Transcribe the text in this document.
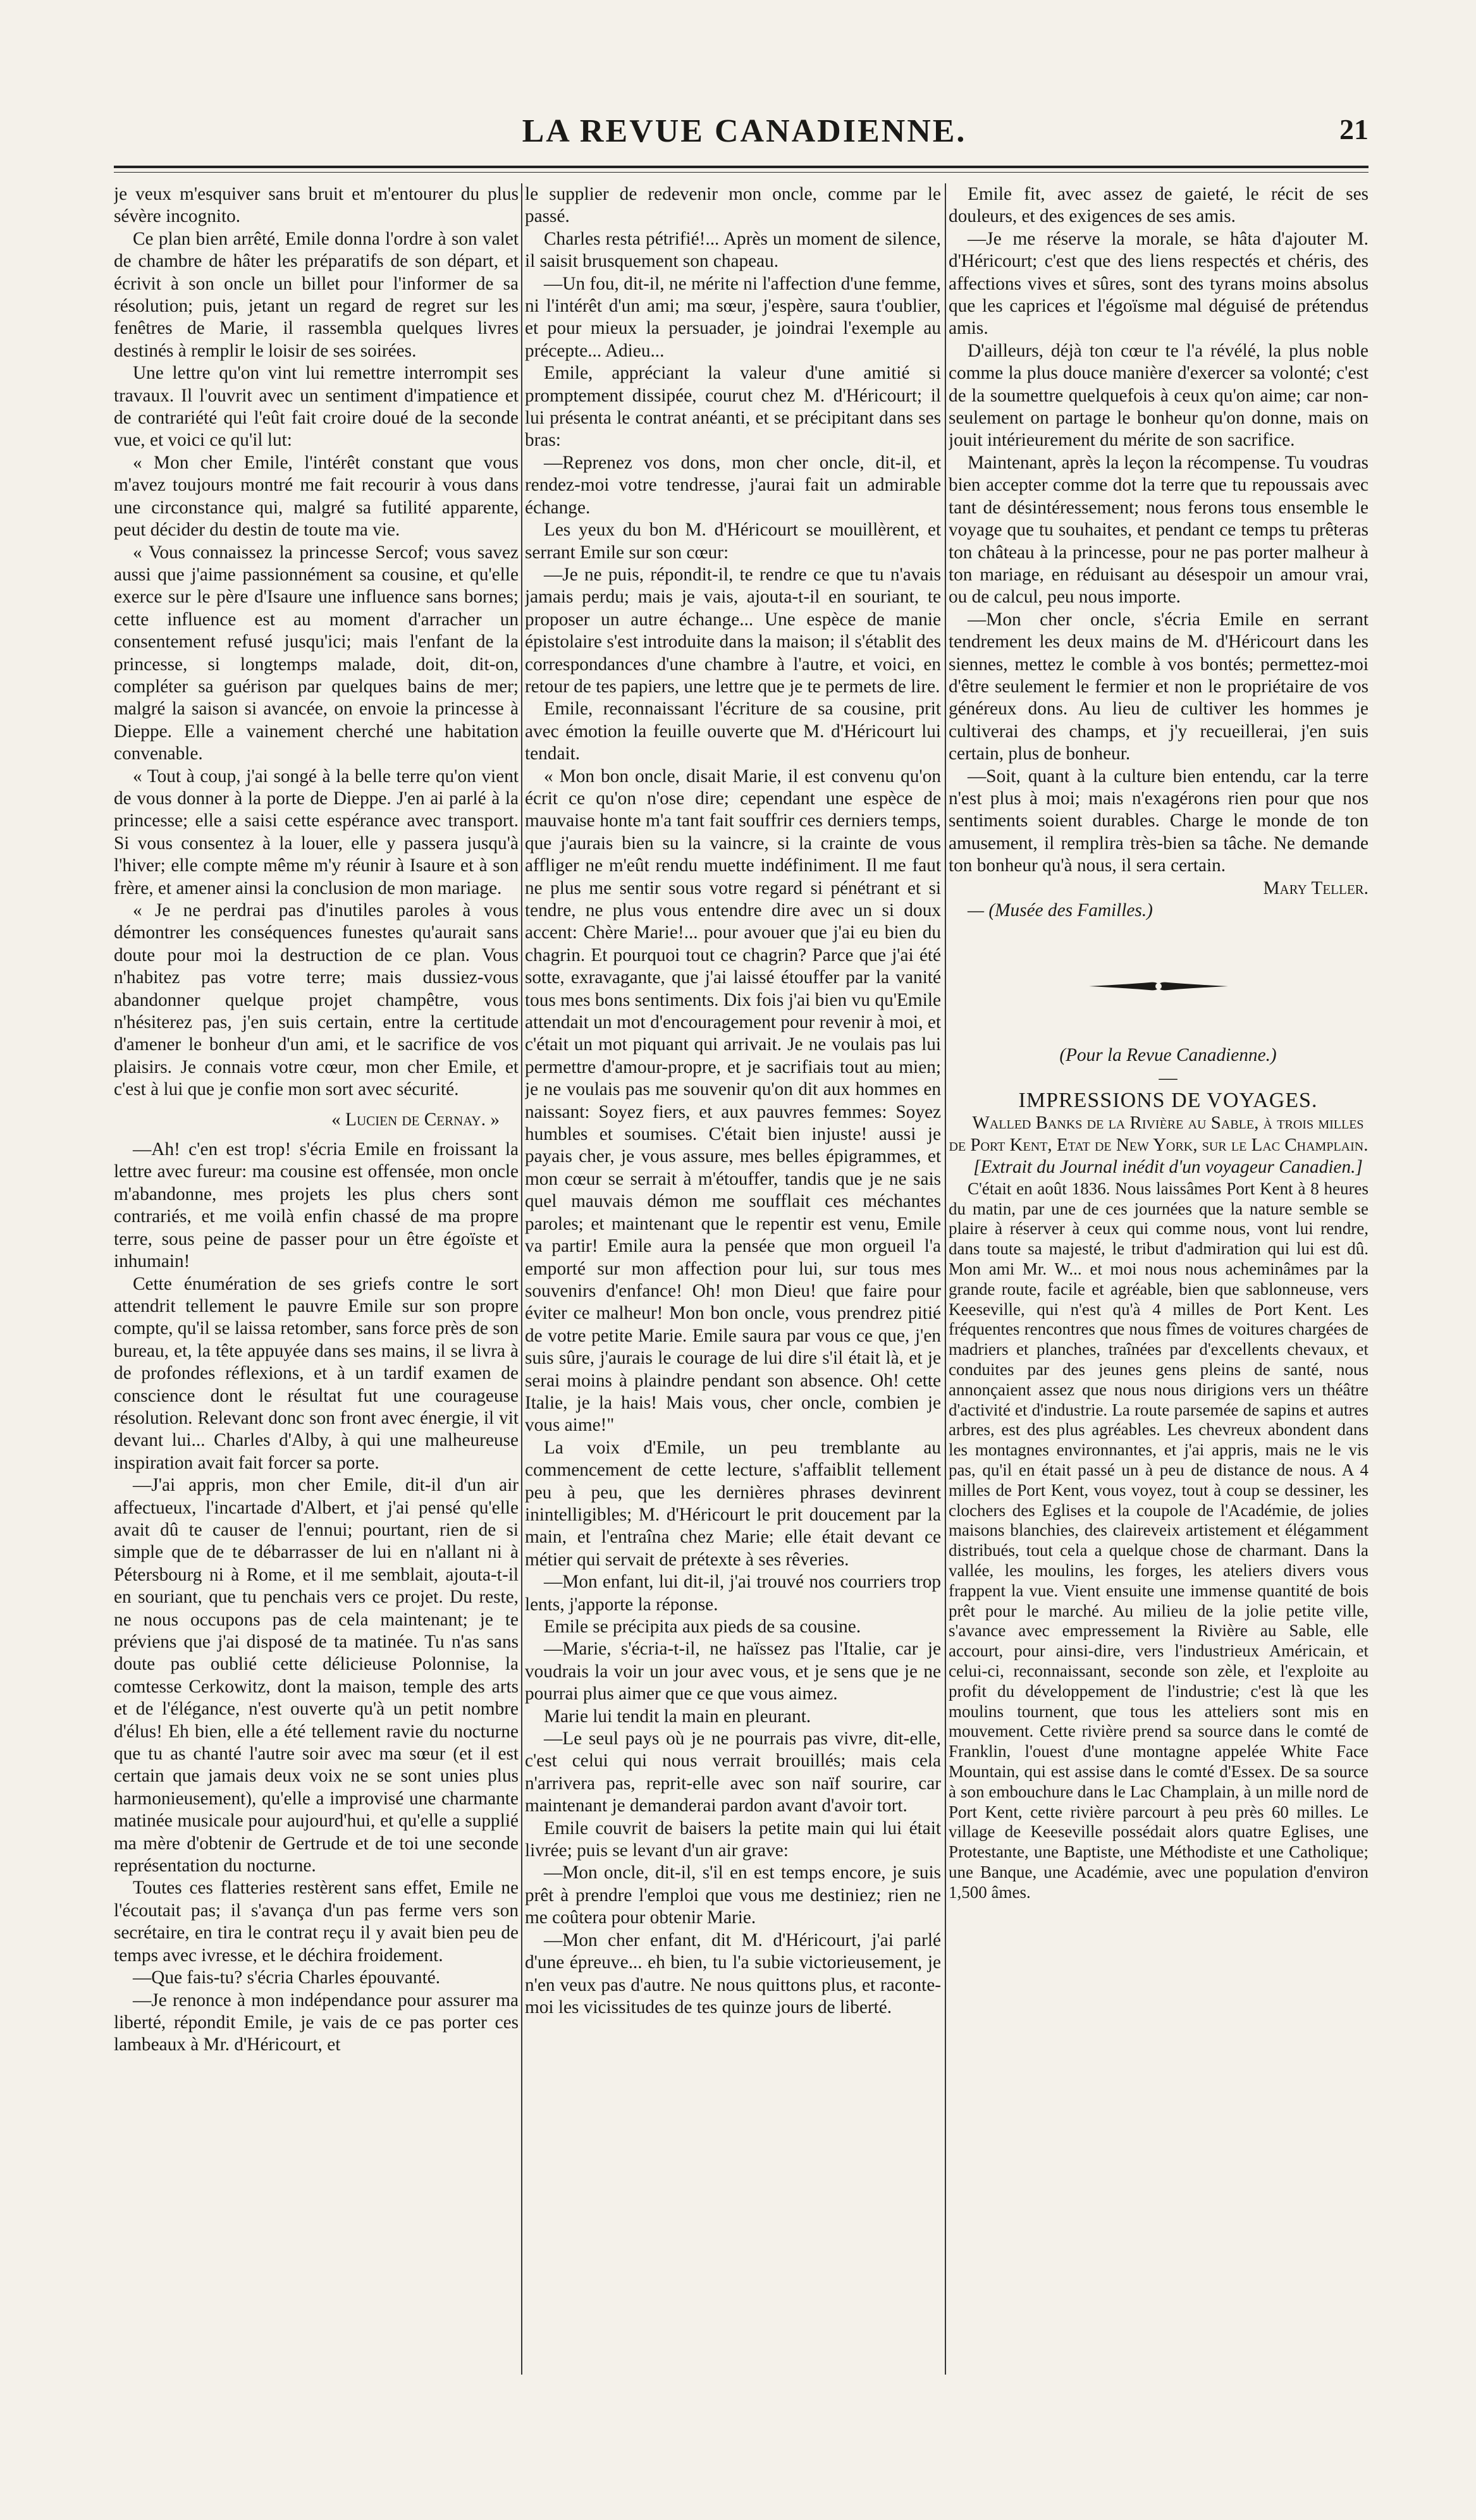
LA REVUE CANADIENNE.	21

je veux m'esquiver sans bruit et m'entourer du plus sévère incognito.

Ce plan bien arrêté, Emile donna l'ordre à son valet de chambre de hâter les préparatifs de son départ, et écrivit à son oncle un billet pour l'informer de sa résolution; puis, jetant un regard de regret sur les fenêtres de Marie, il rassembla quelques livres destinés à remplir le loisir de ses soirées.

Une lettre qu'on vint lui remettre interrompit ses travaux. Il l'ouvrit avec un sentiment d'impatience et de contrariété qui l'eût fait croire doué de la seconde vue, et voici ce qu'il lut:

« Mon cher Emile, l'intérêt constant que vous m'avez toujours montré me fait recourir à vous dans une circonstance qui, malgré sa futilité apparente, peut décider du destin de toute ma vie.

« Vous connaissez la princesse Sercof; vous savez aussi que j'aime passionnément sa cousine, et qu'elle exerce sur le père d'Isaure une influence sans bornes; cette influence est au moment d'arracher un consentement refusé jusqu'ici; mais l'enfant de la princesse, si longtemps malade, doit, dit-on, compléter sa guérison par quelques bains de mer; malgré la saison si avancée, on envoie la princesse à Dieppe. Elle a vainement cherché une habitation convenable.

« Tout à coup, j'ai songé à la belle terre qu'on vient de vous donner à la porte de Dieppe. J'en ai parlé à la princesse; elle a saisi cette espérance avec transport. Si vous consentez à la louer, elle y passera jusqu'à l'hiver; elle compte même m'y réunir à Isaure et à son frère, et amener ainsi la conclusion de mon mariage.

« Je ne perdrai pas d'inutiles paroles à vous démontrer les conséquences funestes qu'aurait sans doute pour moi la destruction de ce plan. Vous n'habitez pas votre terre; mais dussiez-vous abandonner quelque projet champêtre, vous n'hésiterez pas, j'en suis certain, entre la certitude d'amener le bonheur d'un ami, et le sacrifice de vos plaisirs. Je connais votre cœur, mon cher Emile, et c'est à lui que je confie mon sort avec sécurité.

« Lucien de Cernay. »

—Ah! c'en est trop! s'écria Emile en froissant la lettre avec fureur: ma cousine est offensée, mon oncle m'abandonne, mes projets les plus chers sont contrariés, et me voilà enfin chassé de ma propre terre, sous peine de passer pour un être égoïste et inhumain!

Cette énumération de ses griefs contre le sort attendrit tellement le pauvre Emile sur son propre compte, qu'il se laissa retomber, sans force près de son bureau, et, la tête appuyée dans ses mains, il se livra à de profondes réflexions, et à un tardif examen de conscience dont le résultat fut une courageuse résolution. Relevant donc son front avec énergie, il vit devant lui... Charles d'Alby, à qui une malheureuse inspiration avait fait forcer sa porte.

—J'ai appris, mon cher Emile, dit-il d'un air affectueux, l'incartade d'Albert, et j'ai pensé qu'elle avait dû te causer de l'ennui; pourtant, rien de si simple que de te débarrasser de lui en n'allant ni à Pétersbourg ni à Rome, et il me semblait, ajouta-t-il en souriant, que tu penchais vers ce projet. Du reste, ne nous occupons pas de cela maintenant; je te préviens que j'ai disposé de ta matinée. Tu n'as sans doute pas oublié cette délicieuse Polonnise, la comtesse Cerkowitz, dont la maison, temple des arts et de l'élégance, n'est ouverte qu'à un petit nombre d'élus! Eh bien, elle a été tellement ravie du nocturne que tu as chanté l'autre soir avec ma sœur (et il est certain que jamais deux voix ne se sont unies plus harmonieusement), qu'elle a improvisé une charmante matinée musicale pour aujourd'hui, et qu'elle a supplié ma mère d'obtenir de Gertrude et de toi une seconde représentation du nocturne.

Toutes ces flatteries restèrent sans effet, Emile ne l'écoutait pas; il s'avança d'un pas ferme vers son secrétaire, en tira le contrat reçu il y avait bien peu de temps avec ivresse, et le déchira froidement.

—Que fais-tu? s'écria Charles épouvanté.

—Je renonce à mon indépendance pour assurer ma liberté, répondit Emile, je vais de ce pas porter ces lambeaux à Mr. d'Héricourt, et

le supplier de redevenir mon oncle, comme par le passé.

Charles resta pétrifié!... Après un moment de silence, il saisit brusquement son chapeau.

—Un fou, dit-il, ne mérite ni l'affection d'une femme, ni l'intérêt d'un ami; ma sœur, j'espère, saura t'oublier, et pour mieux la persuader, je joindrai l'exemple au précepte... Adieu...

Emile, appréciant la valeur d'une amitié si promptement dissipée, courut chez M. d'Héricourt; il lui présenta le contrat anéanti, et se précipitant dans ses bras:

—Reprenez vos dons, mon cher oncle, dit-il, et rendez-moi votre tendresse, j'aurai fait un admirable échange.

Les yeux du bon M. d'Héricourt se mouillèrent, et serrant Emile sur son cœur:

—Je ne puis, répondit-il, te rendre ce que tu n'avais jamais perdu; mais je vais, ajouta-t-il en souriant, te proposer un autre échange... Une espèce de manie épistolaire s'est introduite dans la maison; il s'établit des correspondances d'une chambre à l'autre, et voici, en retour de tes papiers, une lettre que je te permets de lire.

Emile, reconnaissant l'écriture de sa cousine, prit avec émotion la feuille ouverte que M. d'Héricourt lui tendait.

« Mon bon oncle, disait Marie, il est convenu qu'on écrit ce qu'on n'ose dire; cependant une espèce de mauvaise honte m'a tant fait souffrir ces derniers temps, que j'aurais bien su la vaincre, si la crainte de vous affliger ne m'eût rendu muette indéfiniment. Il me faut ne plus me sentir sous votre regard si pénétrant et si tendre, ne plus vous entendre dire avec un si doux accent: Chère Marie!... pour avouer que j'ai eu bien du chagrin. Et pourquoi tout ce chagrin? Parce que j'ai été sotte, exravagante, que j'ai laissé étouffer par la vanité tous mes bons sentiments. Dix fois j'ai bien vu qu'Emile attendait un mot d'encouragement pour revenir à moi, et c'était un mot piquant qui arrivait. Je ne voulais pas lui permettre d'amour-propre, et je sacrifiais tout au mien; je ne voulais pas me souvenir qu'on dit aux hommes en naissant: Soyez fiers, et aux pauvres femmes: Soyez humbles et soumises. C'était bien injuste! aussi je payais cher, je vous assure, mes belles épigrammes, et mon cœur se serrait à m'étouffer, tandis que je ne sais quel mauvais démon me soufflait ces méchantes paroles; et maintenant que le repentir est venu, Emile va partir! Emile aura la pensée que mon orgueil l'a emporté sur mon affection pour lui, sur tous mes souvenirs d'enfance! Oh! mon Dieu! que faire pour éviter ce malheur! Mon bon oncle, vous prendrez pitié de votre petite Marie. Emile saura par vous ce que, j'en suis sûre, j'aurais le courage de lui dire s'il était là, et je serai moins à plaindre pendant son absence. Oh! cette Italie, je la hais! Mais vous, cher oncle, combien je vous aime!"

La voix d'Emile, un peu tremblante au commencement de cette lecture, s'affaiblit tellement peu à peu, que les dernières phrases devinrent inintelligibles; M. d'Héricourt le prit doucement par la main, et l'entraîna chez Marie; elle était devant ce métier qui servait de prétexte à ses rêveries.

—Mon enfant, lui dit-il, j'ai trouvé nos courriers trop lents, j'apporte la réponse.

Emile se précipita aux pieds de sa cousine.

—Marie, s'écria-t-il, ne haïssez pas l'Italie, car je voudrais la voir un jour avec vous, et je sens que je ne pourrai plus aimer que ce que vous aimez.

Marie lui tendit la main en pleurant.

—Le seul pays où je ne pourrais pas vivre, dit-elle, c'est celui qui nous verrait brouillés; mais cela n'arrivera pas, reprit-elle avec son naïf sourire, car maintenant je demanderai pardon avant d'avoir tort.

Emile couvrit de baisers la petite main qui lui était livrée; puis se levant d'un air grave:

—Mon oncle, dit-il, s'il en est temps encore, je suis prêt à prendre l'emploi que vous me destiniez; rien ne me coûtera pour obtenir Marie.

—Mon cher enfant, dit M. d'Héricourt, j'ai parlé d'une épreuve... eh bien, tu l'a subie victorieusement, je n'en veux pas d'autre. Ne nous quittons plus, et raconte-moi les vicissitudes de tes quinze jours de liberté.

Emile fit, avec assez de gaieté, le récit de ses douleurs, et des exigences de ses amis.

—Je me réserve la morale, se hâta d'ajouter M. d'Héricourt; c'est que des liens respectés et chéris, des affections vives et sûres, sont des tyrans moins absolus que les caprices et l'égoïsme mal déguisé de prétendus amis.

D'ailleurs, déjà ton cœur te l'a révélé, la plus noble comme la plus douce manière d'exercer sa volonté; c'est de la soumettre quelquefois à ceux qu'on aime; car non-seulement on partage le bonheur qu'on donne, mais on jouit intérieurement du mérite de son sacrifice.

Maintenant, après la leçon la récompense. Tu voudras bien accepter comme dot la terre que tu repoussais avec tant de désintéressement; nous ferons tous ensemble le voyage que tu souhaites, et pendant ce temps tu prêteras ton château à la princesse, pour ne pas porter malheur à ton mariage, en réduisant au désespoir un amour vrai, ou de calcul, peu nous importe.

—Mon cher oncle, s'écria Emile en serrant tendrement les deux mains de M. d'Héricourt dans les siennes, mettez le comble à vos bontés; permettez-moi d'être seulement le fermier et non le propriétaire de vos généreux dons. Au lieu de cultiver les hommes je cultiverai des champs, et j'y recueillerai, j'en suis certain, plus de bonheur.

—Soit, quant à la culture bien entendu, car la terre n'est plus à moi; mais n'exagérons rien pour que nos sentiments soient durables. Charge le monde de ton amusement, il remplira très-bien sa tâche. Ne demande ton bonheur qu'à nous, il sera certain.

Mary Teller.

— (Musée des Familles.)

(Pour la Revue Canadienne.)

—

IMPRESSIONS DE VOYAGES.

Walled Banks de la Rivière au Sable, à trois milles de Port Kent, Etat de New York, sur le Lac Champlain.

[Extrait du Journal inédit d'un voyageur Canadien.]

C'était en août 1836. Nous laissâmes Port Kent à 8 heures du matin, par une de ces journées que la nature semble se plaire à réserver à ceux qui comme nous, vont lui rendre, dans toute sa majesté, le tribut d'admiration qui lui est dû. Mon ami Mr. W... et moi nous nous acheminâmes par la grande route, facile et agréable, bien que sablonneuse, vers Keeseville, qui n'est qu'à 4 milles de Port Kent. Les fréquentes rencontres que nous fîmes de voitures chargées de madriers et planches, traînées par d'excellents chevaux, et conduites par des jeunes gens pleins de santé, nous annonçaient assez que nous nous dirigions vers un théâtre d'activité et d'industrie. La route parsemée de sapins et autres arbres, est des plus agréables. Les chevreux abondent dans les montagnes environnantes, et j'ai appris, mais ne le vis pas, qu'il en était passé un à peu de distance de nous. A 4 milles de Port Kent, vous voyez, tout à coup se dessiner, les clochers des Eglises et la coupole de l'Académie, de jolies maisons blanchies, des claireveix artistement et élégamment distribués, tout cela a quelque chose de charmant. Dans la vallée, les moulins, les forges, les ateliers divers vous frappent la vue. Vient ensuite une immense quantité de bois prêt pour le marché. Au milieu de la jolie petite ville, s'avance avec empressement la Rivière au Sable, elle accourt, pour ainsi-dire, vers l'industrieux Américain, et celui-ci, reconnaissant, seconde son zèle, et l'exploite au profit du développement de l'industrie; c'est là que les moulins tournent, que tous les atteliers sont mis en mouvement. Cette rivière prend sa source dans le comté de Franklin, l'ouest d'une montagne appelée White Face Mountain, qui est assise dans le comté d'Essex. De sa source à son embouchure dans le Lac Champlain, à un mille nord de Port Kent, cette rivière parcourt à peu près 60 milles. Le village de Keeseville possédait alors quatre Eglises, une Protestante, une Baptiste, une Méthodiste et une Catholique; une Banque, une Académie, avec une population d'environ 1,500 âmes.
